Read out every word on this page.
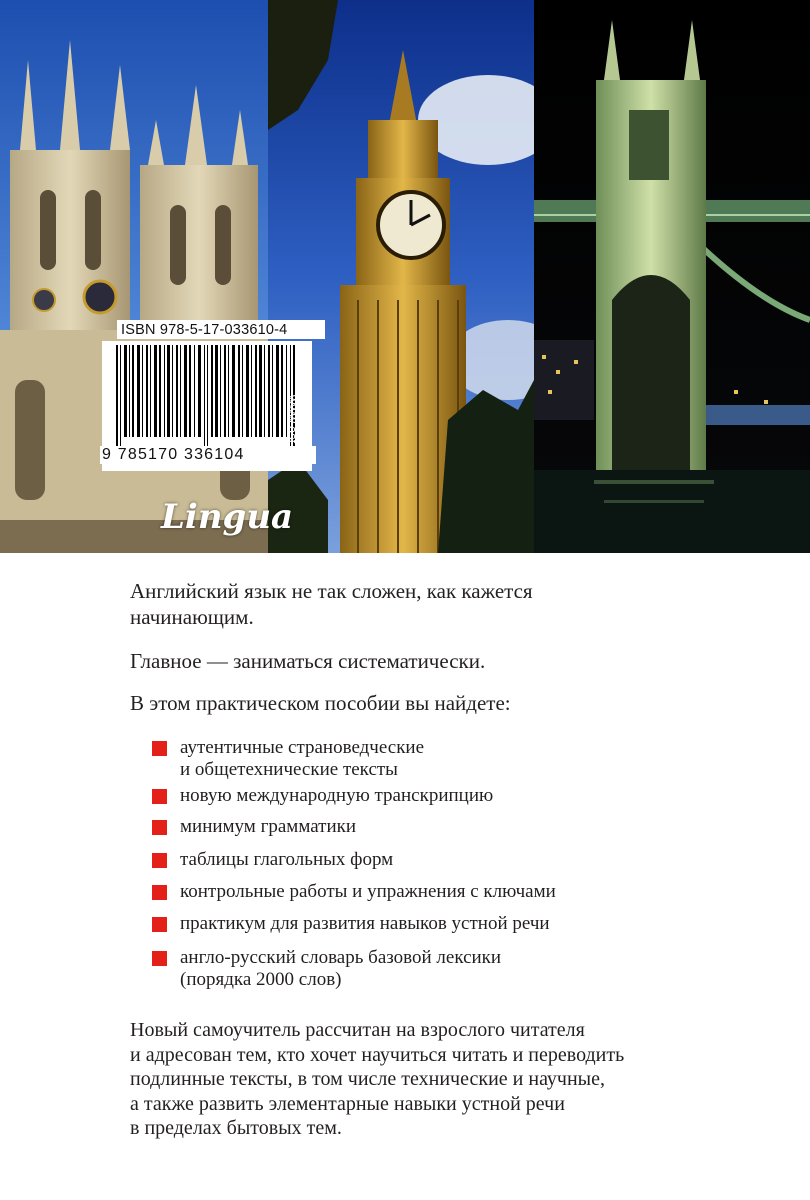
ISBN 978-5-17-033610-4
9 785170 336104	www.ast.ru
Lingua
Английский язык не так сложен, как кажется начинающим.
Главное — заниматься систематически.
В этом практическом пособии вы найдете:
аутентичные страноведческие
и общетехнические тексты
новую международную транскрипцию
минимум грамматики
таблицы глагольных форм
контрольные работы и упражнения с ключами
практикум для развития навыков устной речи
англо-русский словарь базовой лексики
(порядка 2000 слов)
Новый самоучитель рассчитан на взрослого читателя
и адресован тем, кто хочет научиться читать и переводить
подлинные тексты, в том числе технические и научные,
а также развить элементарные навыки устной речи
в пределах бытовых тем.
